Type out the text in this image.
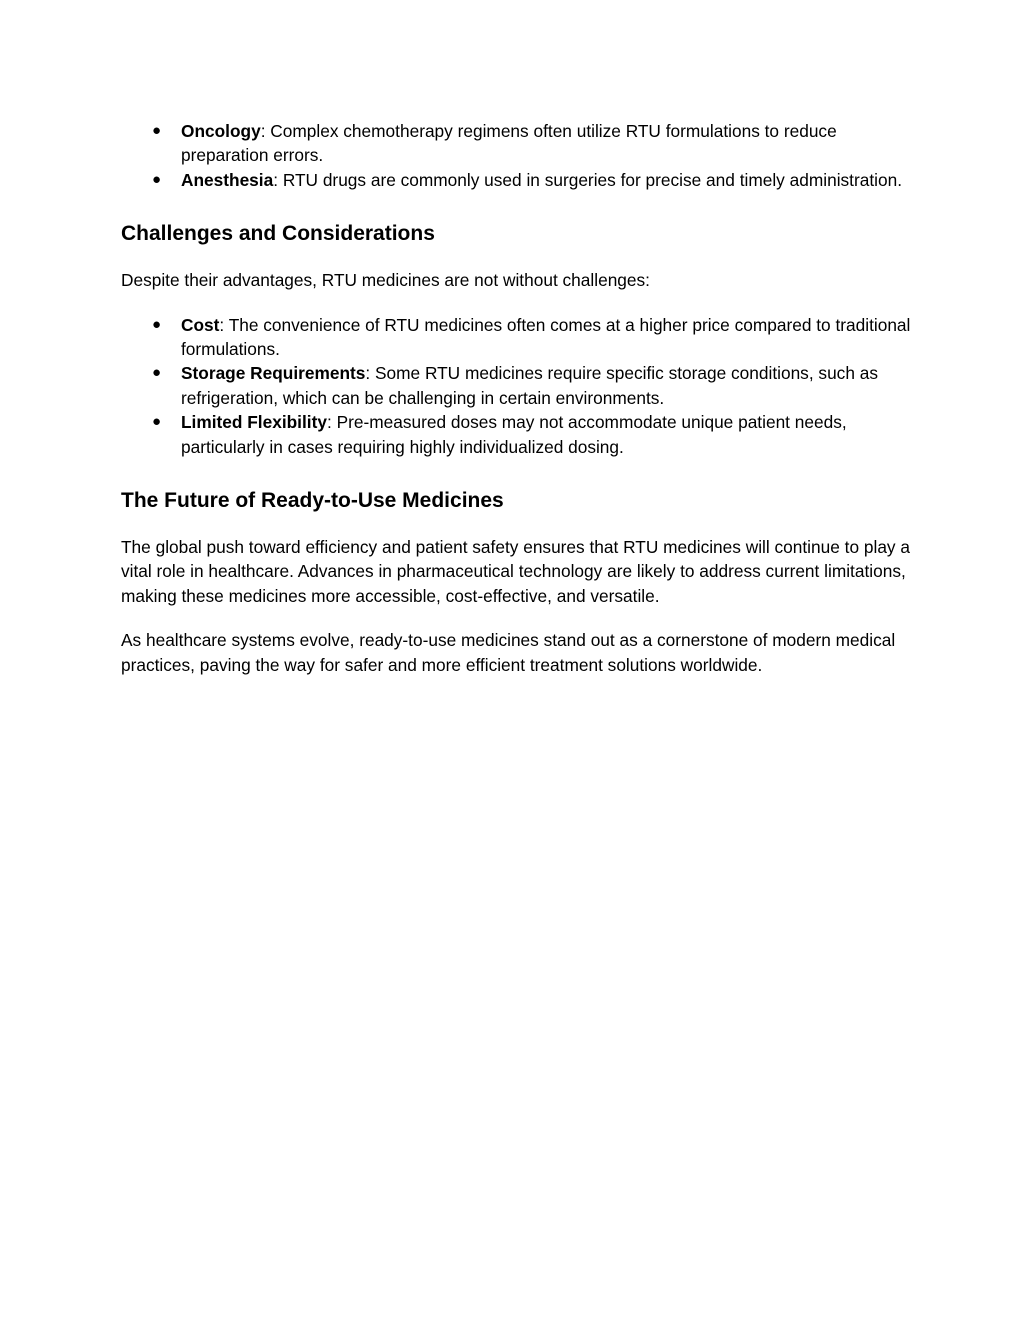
● Oncology: Complex chemotherapy regimens often utilize RTU formulations to reduce preparation errors.
● Anesthesia: RTU drugs are commonly used in surgeries for precise and timely administration.
Challenges and Considerations

Despite their advantages, RTU medicines are not without challenges:

● Cost: The convenience of RTU medicines often comes at a higher price compared to traditional formulations.
● Storage Requirements: Some RTU medicines require specific storage conditions, such as refrigeration, which can be challenging in certain environments.
● Limited Flexibility: Pre-measured doses may not accommodate unique patient needs, particularly in cases requiring highly individualized dosing.
The Future of Ready-to-Use Medicines

The global push toward efficiency and patient safety ensures that RTU medicines will continue to play a vital role in healthcare. Advances in pharmaceutical technology are likely to address current limitations, making these medicines more accessible, cost-effective, and versatile.

As healthcare systems evolve, ready-to-use medicines stand out as a cornerstone of modern medical practices, paving the way for safer and more efficient treatment solutions worldwide.
